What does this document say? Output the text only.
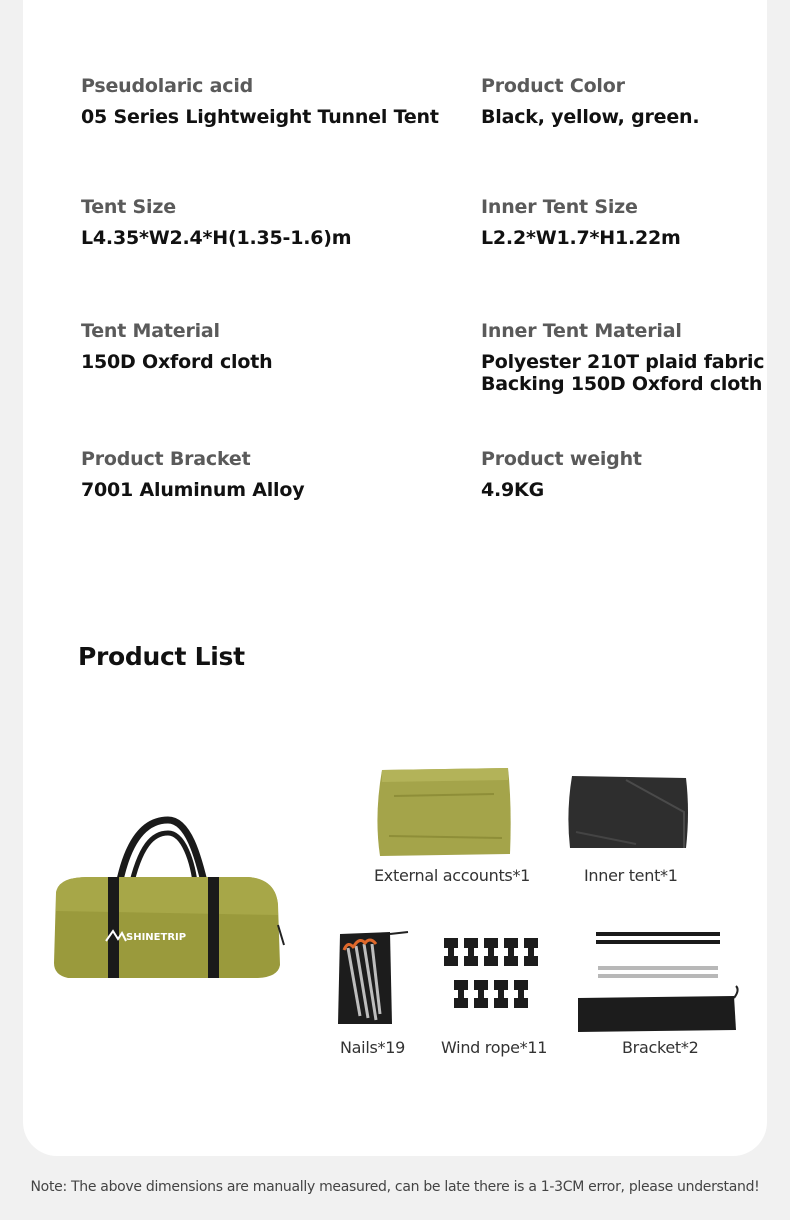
Pseudolaric acid
05 Series Lightweight Tunnel Tent
Product Color
Black, yellow, green.
Tent Size
L4.35*W2.4*H(1.35-1.6)m
Inner Tent Size
L2.2*W1.7*H1.22m
Tent Material
150D Oxford cloth
Inner Tent Material
Polyester 210T plaid fabric
Backing 150D Oxford cloth
Product Bracket
7001 Aluminum Alloy
Product weight
4.9KG
Product List
SHINETRIP
External accounts*1	Inner tent*1
Nails*19 Wind rope*11	Bracket*2
Note: The above dimensions are manually measured, can be late there is a 1-3CM error, please understand!
